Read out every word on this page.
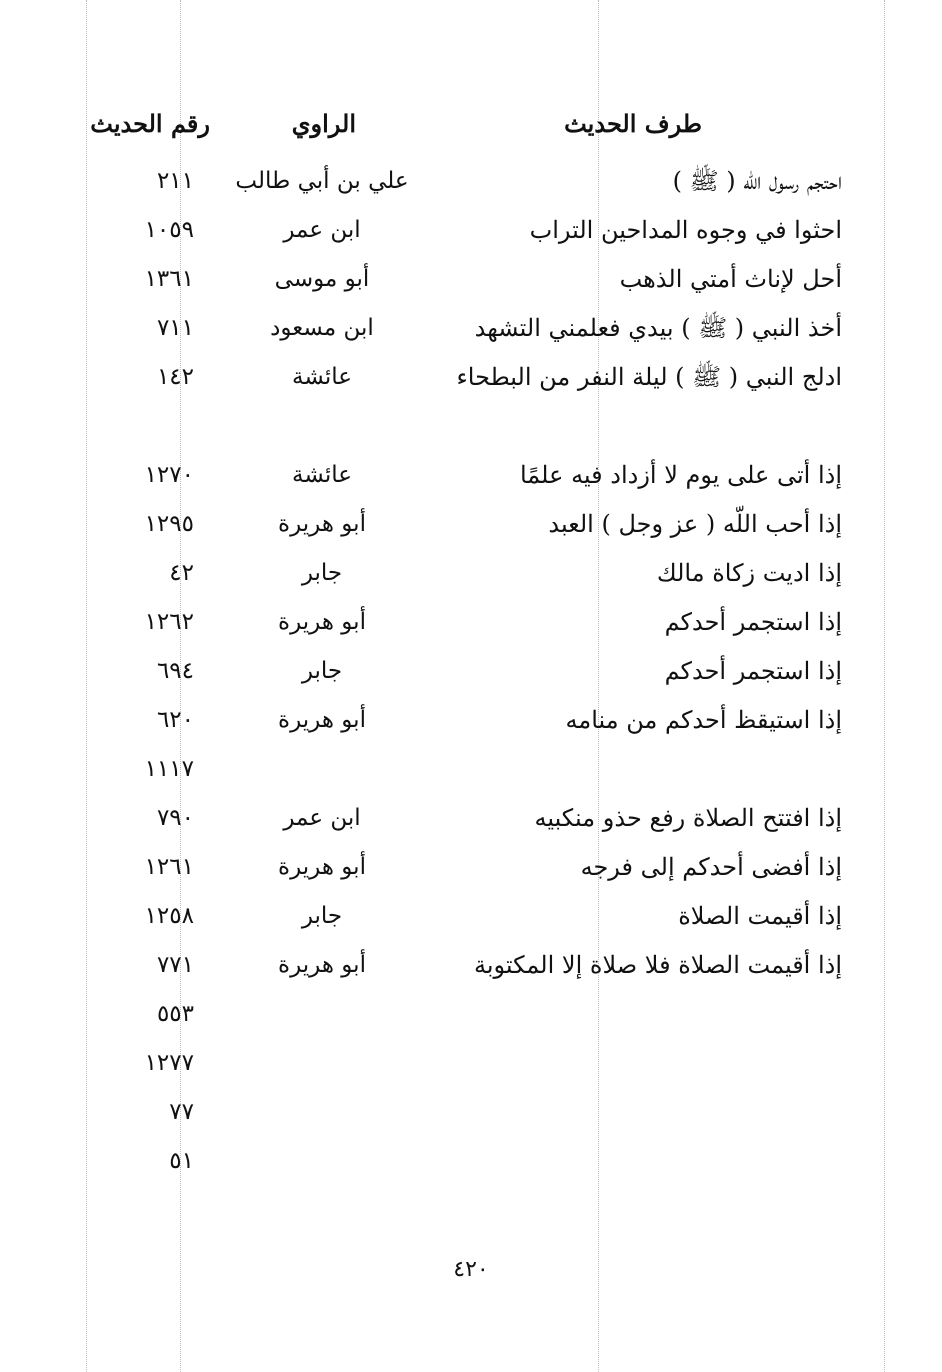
طرف الحديث
الراوي
رقم الحديث
احتجم رسول اللّه ( ﷺ )
علي بن أبي طالب
٢١١
احثوا في وجوه المداحين التراب
ابن عمر
١٠٥٩
أحل لإناث أمتي الذهب
أبو موسى
١٣٦١
أخذ النبي ( ﷺ ) بيدي فعلمني التشهد
ابن مسعود
٧١١
ادلج النبي ( ﷺ ) ليلة النفر من البطحاء
عائشة
١٤٢
إذا أتى على يوم لا أزداد فيه علمًا
عائشة
١٢٧٠
إذا أحب اللّه ( عز وجل ) العبد
أبو هريرة
١٢٩٥
إذا اديت زكاة مالك
جابر
٤٢
إذا استجمر أحدكم
أبو هريرة
١٢٦٢
إذا استجمر أحدكم
جابر
٦٩٤
إذا استيقظ أحدكم من منامه
أبو هريرة
٦٢٠
١١١٧
إذا افتتح الصلاة رفع حذو منكبيه
ابن عمر
٧٩٠
إذا أفضى أحدكم إلى فرجه
أبو هريرة
١٢٦١
إذا أقيمت الصلاة
جابر
١٢٥٨
إذا أقيمت الصلاة فلا صلاة إلا المكتوبة
أبو هريرة
٧٧١
٥٥٣
١٢٧٧
٧٧
٥١
٤٢٠
